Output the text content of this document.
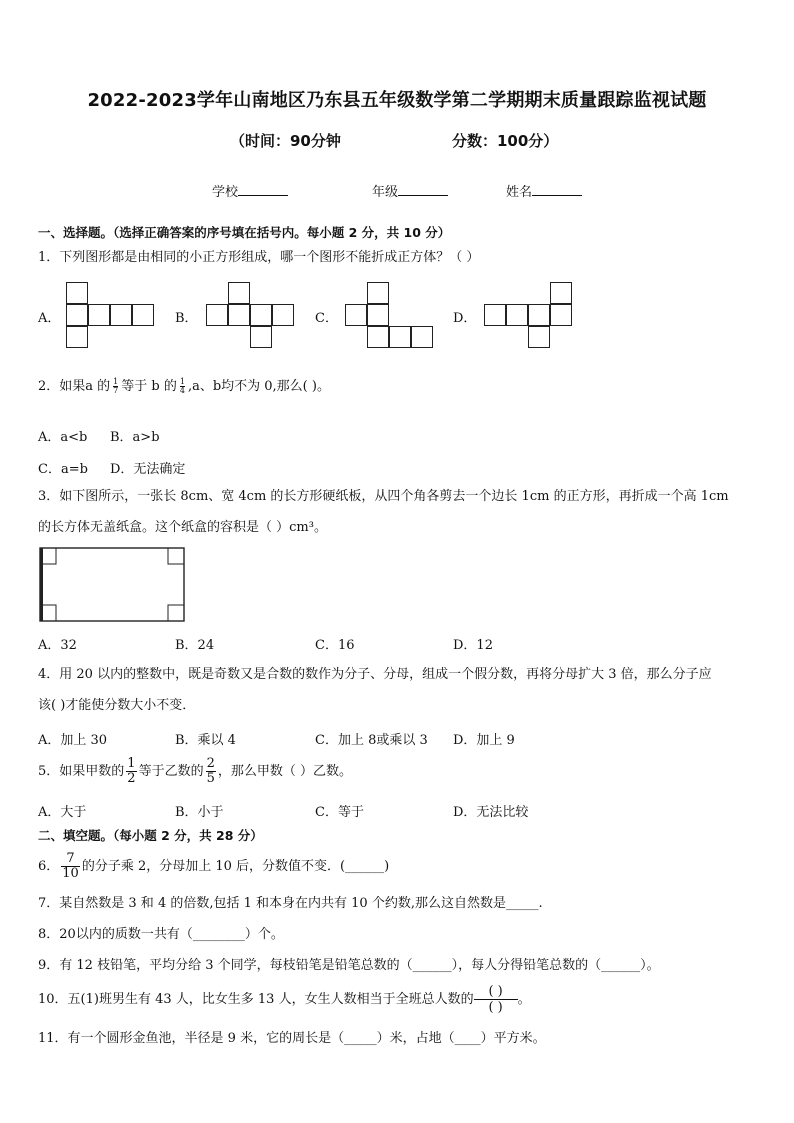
2022-2023学年山南地区乃东县五年级数学第二学期期末质量跟踪监视试题
（时间：90分钟	分数：100分）
学校	年级	姓名
一、选择题。（选择正确答案的序号填在括号内。每小题 2 分，共 10 分）
1．下列图形都是由相同的小正方形组成，哪一个图形不能折成正方体？（ ）
A．	B．	C．	D．
2．如果a 的 $\frac{1}{7}$ 等于 b 的 $\frac{1}{4} ,a$、b均不为 0,那么( )。
A．a<b B．a>b
C．a=b D．无法确定
3．如下图所示，一张长 8cm、宽 4cm 的长方形硬纸板，从四个角各剪去一个边长 1cm 的正方形，再折成一个高 1cm
的长方体无盖纸盒。这个纸盒的容积是（ ）cm³。
A．32	B．24	C．16	D．12
4．用 20 以内的整数中，既是奇数又是合数的数作为分子、分母，组成一个假分数，再将分母扩大 3 倍，那么分子应
该( )才能使分数大小不变．
A．加上 30	B．乘以 4	C．加上 8或乘以 3 D．加上 9
5．如果甲数的 $\frac{1}{2}$ 等于乙数的 $\frac{2}{5}$ ，那么甲数（ ）乙数。
A．大于	B．小于	C．等于	D．无法比较
二、填空题。（每小题 2 分，共 28 分）
6． $\frac{7}{10}$ 的分子乘 2，分母加上 10 后，分数值不变．(______)
7．某自然数是 3 和 4 的倍数,包括 1 和本身在内共有 10 个约数,那么这自然数是_____.
8．20以内的质数一共有（________）个。
9．有 12 枝铅笔，平均分给 3 个同学，每枝铅笔是铅笔总数的（______），每人分得铅笔总数的（______）。
10．五(1)班男生有 43 人，比女生多 13 人，女生人数相当于全班总人数的
( )
( )。
11．有一个圆形金鱼池，半径是 9 米，它的周长是（_____）米，占地（____）平方米。
